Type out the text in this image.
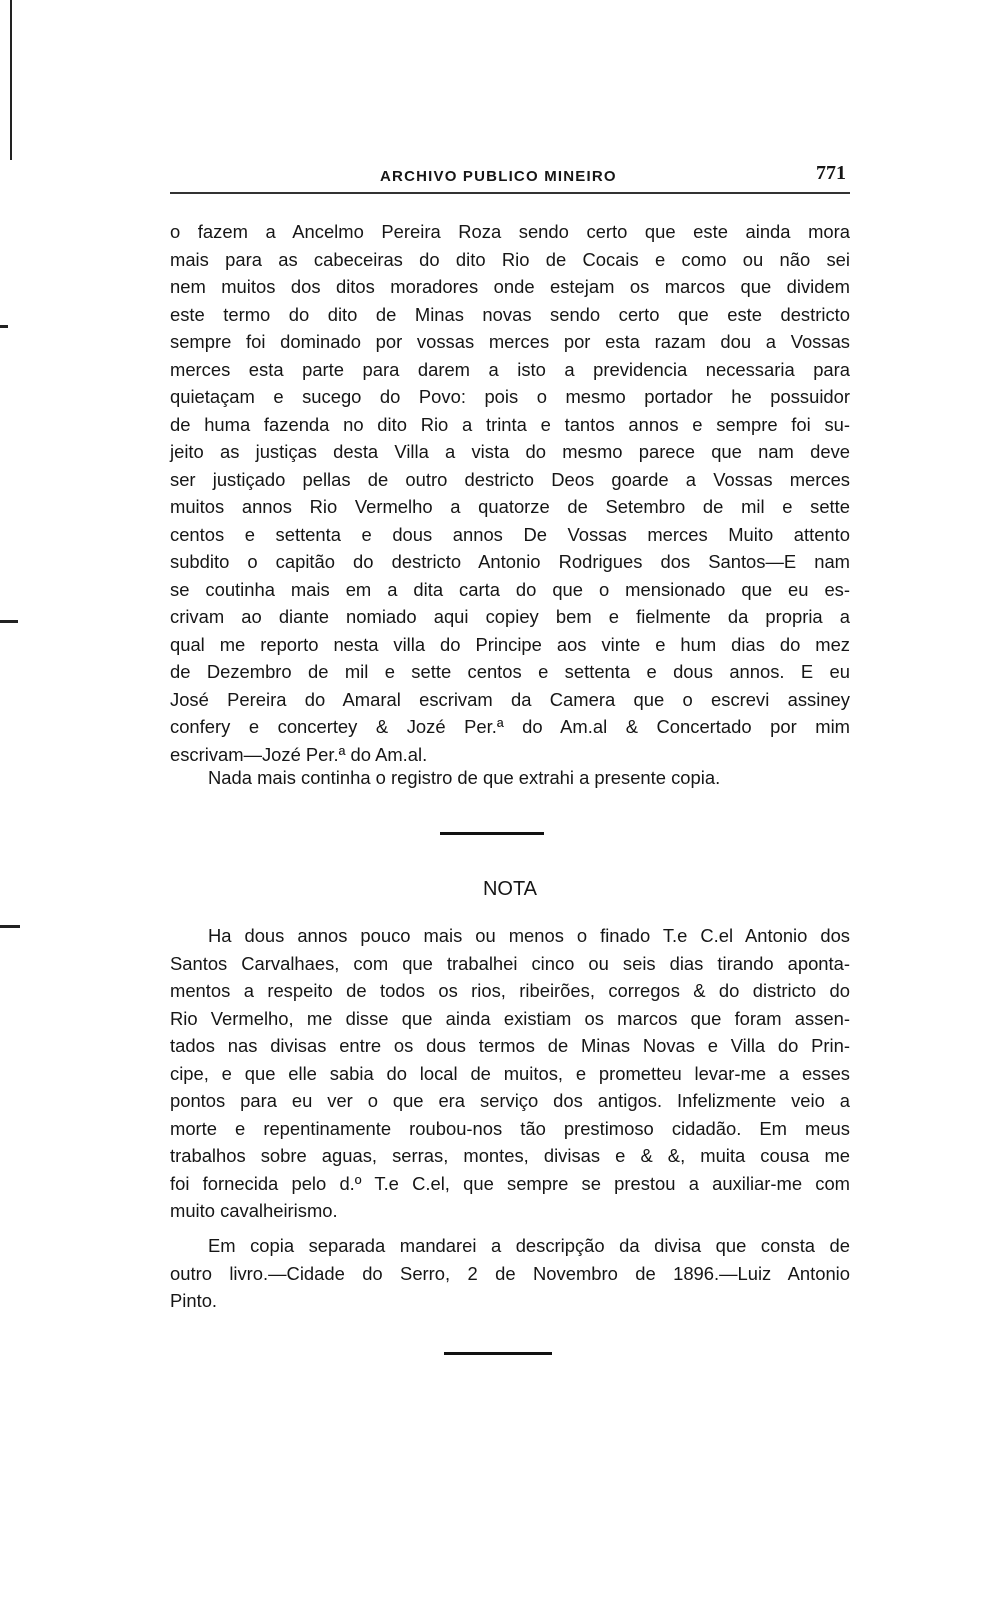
ARCHIVO PUBLICO MINEIRO	771
o fazem a Ancelmo Pereira Roza sendo certo que este ainda mora
mais para as cabeceiras do dito Rio de Cocais e como ou não sei
nem muitos dos ditos moradores onde estejam os marcos que dividem
este termo do dito de Minas novas sendo certo que este destricto
sempre foi dominado por vossas merces por esta razam dou a Vossas
merces esta parte para darem a isto a previdencia necessaria para
quietaçam e sucego do Povo: pois o mesmo portador he possuidor
de huma fazenda no dito Rio a trinta e tantos annos e sempre foi su-
jeito as justiças desta Villa a vista do mesmo parece que nam deve
ser justiçado pellas de outro destricto Deos goarde a Vossas merces
muitos annos Rio Vermelho a quatorze de Setembro de mil e sette
centos e settenta e dous annos De Vossas merces Muito attento
subdito o capitão do destricto Antonio Rodrigues dos Santos—E nam
se coutinha mais em a dita carta do que o mensionado que eu es-
crivam ao diante nomiado aqui copiey bem e fielmente da propria a
qual me reporto nesta villa do Principe aos vinte e hum dias do mez
de Dezembro de mil e sette centos e settenta e dous annos. E eu
José Pereira do Amaral escrivam da Camera que o escrevi assiney
confery e concertey & Jozé Per.ª do Am.al & Concertado por mim
escrivam—Jozé Per.ª do Am.al.
Nada mais continha o registro de que extrahi a presente copia.
NOTA
Ha dous annos pouco mais ou menos o finado T.e C.el Antonio dos
Santos Carvalhaes, com que trabalhei cinco ou seis dias tirando aponta-
mentos a respeito de todos os rios, ribeirões, corregos & do districto do
Rio Vermelho, me disse que ainda existiam os marcos que foram assen-
tados nas divisas entre os dous termos de Minas Novas e Villa do Prin-
cipe, e que elle sabia do local de muitos, e prometteu levar-me a esses
pontos para eu ver o que era serviço dos antigos. Infelizmente veio a
morte e repentinamente roubou-nos tão prestimoso cidadão. Em meus
trabalhos sobre aguas, serras, montes, divisas e & &, muita cousa me
foi fornecida pelo d.º T.e C.el, que sempre se prestou a auxiliar-me com
muito cavalheirismo.
Em copia separada mandarei a descripção da divisa que consta de
outro livro.—Cidade do Serro, 2 de Novembro de 1896.—Luiz Antonio
Pinto.
